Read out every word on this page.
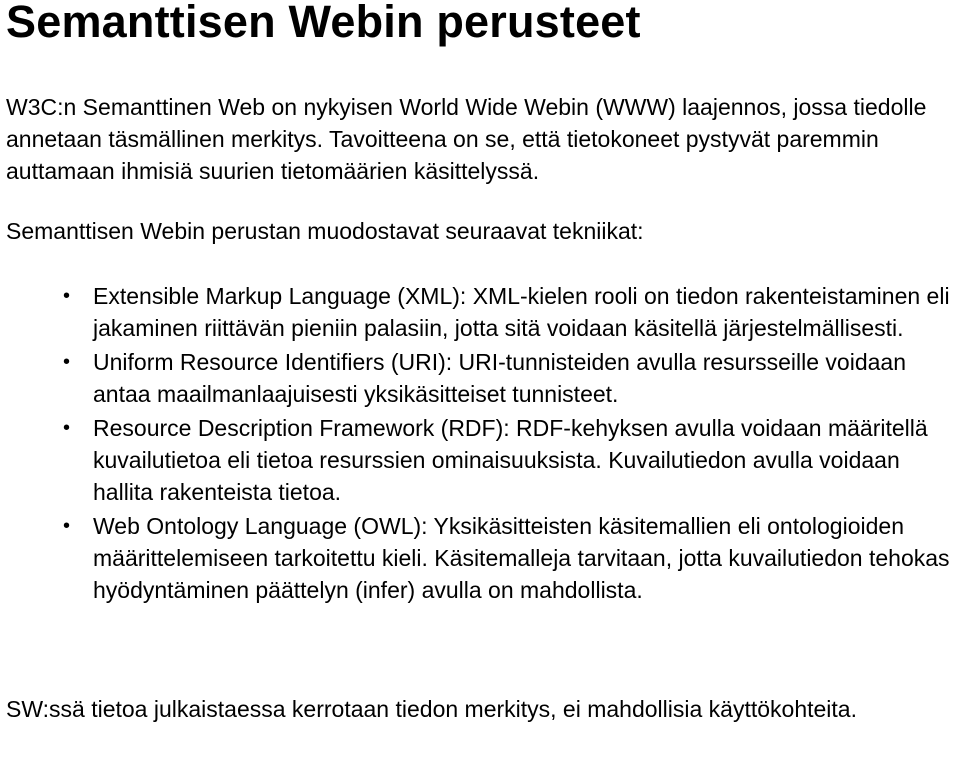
Semanttisen Webin perusteet

W3C:n Semanttinen Web on nykyisen World Wide Webin (WWW) laajennos, jossa tiedolle annetaan täsmällinen merkitys. Tavoitteena on se, että tietokoneet pystyvät paremmin auttamaan ihmisiä suurien tietomäärien käsittelyssä.

Semanttisen Webin perustan muodostavat seuraavat tekniikat:

• Extensible Markup Language (XML): XML-kielen rooli on tiedon rakenteistaminen eli jakaminen riittävän pieniin palasiin, jotta sitä voidaan käsitellä järjestelmällisesti.
• Uniform Resource Identifiers (URI): URI-tunnisteiden avulla resursseille voidaan antaa maailmanlaajuisesti yksikäsitteiset tunnisteet.
• Resource Description Framework (RDF): RDF-kehyksen avulla voidaan määritellä kuvailutietoa eli tietoa resurssien ominaisuuksista. Kuvailutiedon avulla voidaan hallita rakenteista tietoa.
• Web Ontology Language (OWL): Yksikäsitteisten käsitemallien eli ontologioiden määrittelemiseen tarkoitettu kieli. Käsitemalleja tarvitaan, jotta kuvailutiedon tehokas hyödyntäminen päättelyn (infer) avulla on mahdollista.

SW:ssä tietoa julkaistaessa kerrotaan tiedon merkitys, ei mahdollisia käyttökohteita.
